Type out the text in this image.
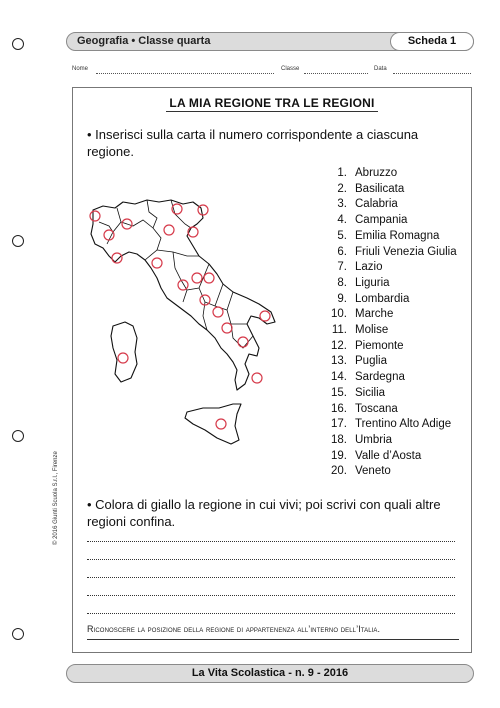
Geografia • Classe quarta	Scheda 1
Nome	Classe	Data
LA MIA REGIONE TRA LE REGIONI
• Inserisci sulla carta il numero corrispondente a ciascuna regione.
1. Abruzzo
2. Basilicata
3. Calabria
4. Campania
5. Emilia Romagna
6. Friuli Venezia Giulia
7. Lazio
8. Liguria
9. Lombardia
10. Marche
11. Molise
12. Piemonte
13. Puglia
14. Sardegna
15. Sicilia
16. Toscana
17. Trentino Alto Adige
18. Umbria
19. Valle d’Aosta
20. Veneto
• Colora di giallo la regione in cui vivi; poi scrivi con quali altre regioni confina.
Riconoscere la posizione della regione di appartenenza all’interno dell’Italia.
© 2016 Giunti Scuola S.r.l., Firenze
La Vita Scolastica - n. 9 - 2016
